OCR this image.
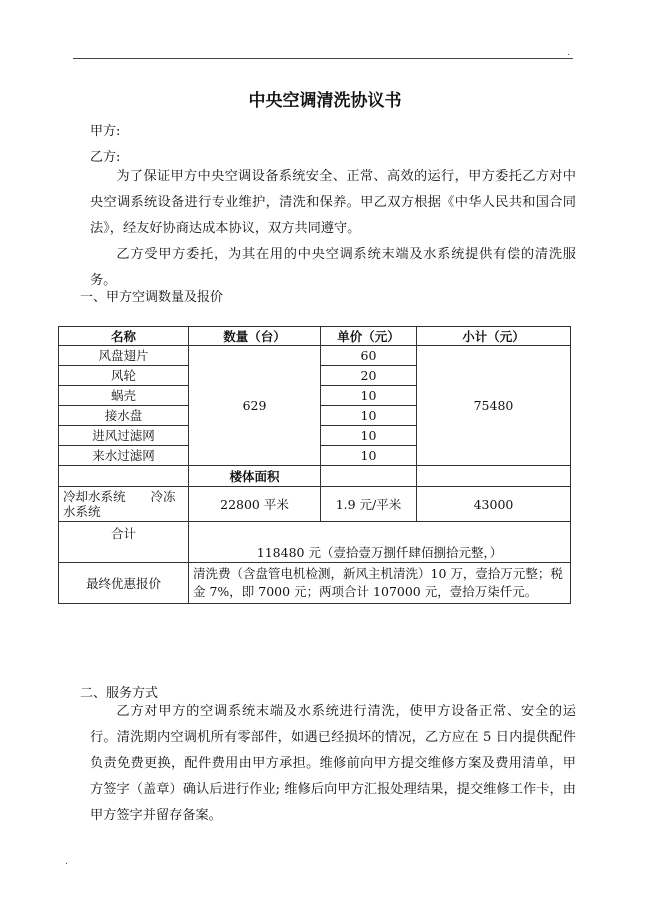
.
中央空调清洗协议书
甲方:
乙方:
为了保证甲方中央空调设备系统安全、正常、高效的运行，甲方委托乙方对中央空调系统设备进行专业维护，清洗和保养。甲乙双方根据《中华人民共和国合同法》，经友好协商达成本协议，双方共同遵守。
乙方受甲方委托，为其在用的中央空调系统末端及水系统提供有偿的清洗服务。
一、甲方空调数量及报价
名称	数量（台）	单价（元）	小计（元）
风盘翅片	629	60	75480
风轮		20	
蜗壳		10	
接水盘		10	
进风过滤网		10	
来水过滤网		10	
	楼体面积		
冷却水系统　　冷冻水系统	22800 平米	1.9 元/平米	43000
合计	118480 元（壹拾壹万捌仟肆佰捌拾元整，）		
最终优惠报价	清洗费（含盘管电机检测，新风主机清洗）10 万，壹拾万元整；税金 7%，即 7000 元；两项合计 107000 元，壹拾万柒仟元。		
二、服务方式
乙方对甲方的空调系统末端及水系统进行清洗，使甲方设备正常、安全的运行。清洗期内空调机所有零部件，如遇已经损坏的情况，乙方应在 5 日内提供配件负责免费更换，配件费用由甲方承担。维修前向甲方提交维修方案及费用清单，甲方签字（盖章）确认后进行作业; 维修后向甲方汇报处理结果，提交维修工作卡，由甲方签字并留存备案。
.
